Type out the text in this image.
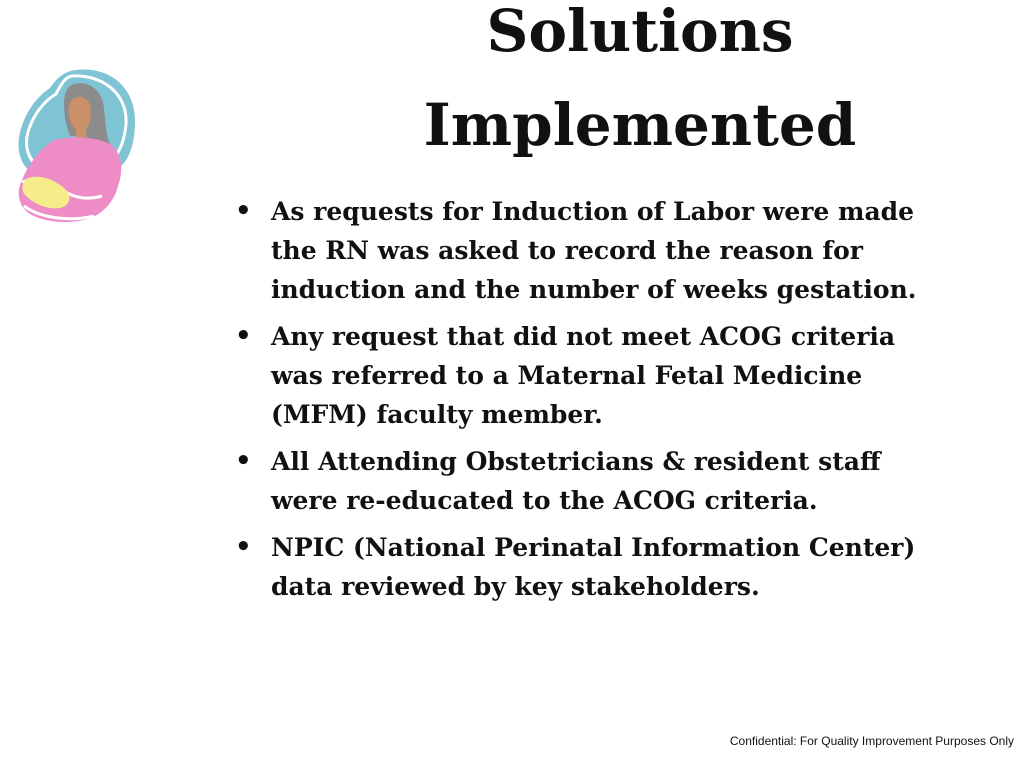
Solutions
Implemented
• As requests for Induction of Labor were made the RN was asked to record the reason for induction and the number of weeks gestation.
• Any request that did not meet ACOG criteria was referred to a Maternal Fetal Medicine (MFM) faculty member.
• All Attending Obstetricians & resident staff were re-educated to the ACOG criteria.
• NPIC (National Perinatal Information Center) data reviewed by key stakeholders.
Confidential: For Quality Improvement Purposes Only
